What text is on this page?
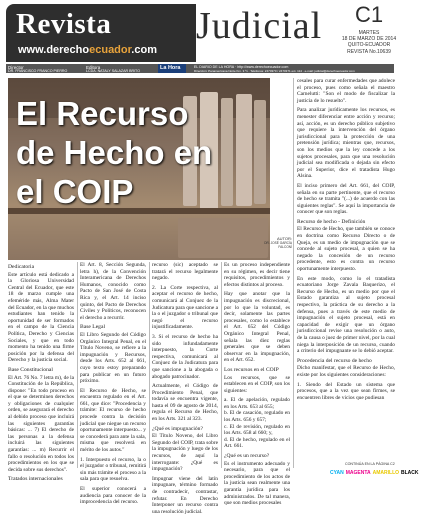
Revista
www.derechoecuador.com
Judicial C1
MARTES
18 DE MARZO DE 2014
QUITO-ECUADOR
REVISTA No.10639
Director
DR. FRANCISCO FRANCO PIERRO
Editora
LCDA. NATALY SALAZAR BRITO
EL DIARIO DE LA HORA · http://www.derechoecuador.com
Dirección: Panamericana Norte Km. 3 ½ · Teléfonos: 2470370 / 2470371 ext. 114 · e-mail: judicial@derechoecuador.com
La Hora
El Recurso de Hecho en el COIP
AUTOR:
DR. JOSÉ GARCÍA FALCONÍ
Dedicatoria

Este artículo está dedicado a la Gloriosa Universidad Central del Ecuador, que este 18 de marzo cumple una efeméride más, Alma Mater del Ecuador, en la que muchos estudiantes han tenido la oportunidad de ser formados en el campo de la Ciencia Política, Derecho y Ciencias Sociales, y que en todo momento ha tenido una firme posición por la defensa del Derecho y la justicia social.

Base Constitucional

El Art. 76 No. 7 letra m), de la Constitución de la República, dispone: "En todo proceso en el que se determinen derechos y obligaciones de cualquier orden, se asegurará el derecho al debido proceso que incluirá las siguientes garantías básicas: ... 7) El derecho de las personas a la defensa incluirá las siguientes garantías: ... m) Recurrir el fallo o resolución en todos los procedimientos en los que se decida sobre sus derechos".

Tratados internacionales

El Art. 8, Sección Segunda, letra h), de la Convención Interamericana de Derechos Humanos, conocido como Pacto de San José de Costa Rica y, el Art. 14 inciso quinto, del Pacto de Derechos Civiles y Políticos, reconocen el derecho a recurrir.

Base Legal

El Libro Segundo del Código Orgánico Integral Penal, en el Título Noveno, se refiere a la impugnación y Recursos, desde los Arts. 652 al 661, cuyo texto estoy preparando para publicar en un futuro próximo.

El Recurso de Hecho, se encuentra regulado en el Art. 661, que dice: "Procedencia y trámite: El recurso de hecho procede contra la decisión judicial que niegue un recurso oportunamente interpuesto... y se concederá para ante la sala, misma que resolverá en mérito de los autos."

1. Interpuesto el recurso, la o el juzgador o tribunal, remitirá sin más trámite el proceso a la sala para que resuelva.

El superior conocerá a audiencia para conocer de la improcedencia del recurso.

recurso (sic) aceptado se tratará el recurso legalmente negado.

2. La Corte respectiva, al aceptar el recurso de hecho, comunicará al Conjuez de la Judicatura para que sancione a la o el juzgador o tribunal que negó el recurso injustificadamente.

3. Si el recurso de hecho ha sido infundadamente interpuesto, la Corte respectiva, comunicará al Conjuez de la Judicatura para que sancione a la abogada o abogado patrocinador.

Actualmente, el Código de Procedimiento Penal, que todavía se encuentra vigente, hasta el 09 de agosto de 2014, regula el Recurso de Hecho, en los Arts. 321 al 323.

¿Qué es impugnación?

El Título Noveno, del Libro Segundo del COIP, trata sobre la impugnación y luego de los recursos, de aquí la interrogante: ¿Qué es impugnación?

Impugnar viene del latín impugnare, término formado de contradecir, contrastar, refutar. En Derecho Interponer un recurso contra una resolución judicial.

Es un proceso independiente en su régimen, es decir tiene requisitos, procedimientos y efectos distintos al proceso.

Hay que anotar que la impugnación es discrecional, por lo que la voluntad, es decir, solamente las partes procesales, como lo establece el Art. 652 del Código Orgánico Integral Penal, señala las diez reglas generales que se deben observar en la impugnación, en el Art. 652.

Los recursos en el COIP

Los recursos, que se establecen en el COIP, son los siguientes:

a. El de apelación, regulado en los Arts. 653 al 655;

b. El de casación, regulado en los Arts. 656 y 657;

c. El de revisión, regulado en los Arts. 658 al 660; y,

d. El de hecho, regulado en el Art. 661.

¿Qué es un recurso?

Es el instrumento adecuado y necesario, para que el procedimiento de los actos de la justicia sean realmente una garantía jurídica para los administrados. De tal manera, que son medios procesales

cesales para curar enfermedades que adolece el proceso, pues como señala el maestro Carnelutti: "Son el modo de fiscalizar la justicia de lo resuelto".

Para analizar jurídicamente los recursos, es menester diferenciar entre acción y recurso; así, acción, es un derecho público subjetivo que requiere la intervención del órgano jurisdiccional para la protección de una pretensión jurídica; mientras que, recursos, son los medios que la ley concede a los sujetos procesales, para que una resolución judicial sea modificada o dejada sin efecto por el Superior, dice el tratadista Hugo Alsina.

El inciso primero del Art. 661, del COIP, señala en su parte pertinente, que el recurso de hecho se tramita "(...) de acuerdo con las siguientes reglas". Se aquí la importancia de conocer que son reglas.

Recurso de hecho - Definición

El Recurso de Hecho, que también se conoce en doctrina como Recurso Directo o de Queja, es un medio de impugnación que se concede al sujeto procesal, a quien se ha negado la concesión de un recurso procedente, esto es contra un recurso oportunamente interpuesto.

En este modo, como lo el tratadista ecuatoriano Jorge Zavala Baquerizo, el Recurso de Hecho, es un medio por que el Estado garantiza al sujeto procesal respectivo, la práctica de su derecho a la defensa, pues a través de este medio de impugnación el sujeto procesal, está en capacidad de exigir que un órgano jurisdiccional revise una resolución o auto, de la causa o juez de primer nivel, por la cual niega la interposición de un recurso, cuando a criterio del impugnante se lo debió aceptar.

Procedencia del recurso de hecho

Dicho manifestar, que el Recurso de Hecho, existe por los siguientes consideraciones:

1. Siendo del Estado un sistema que procesos, que a la vez que sean firmes, se encuentren libres de vicios que pudiesan

CONTINÚA EN LA PÁGINA C2
CYAN MAGENTA AMARILLO BLACK
